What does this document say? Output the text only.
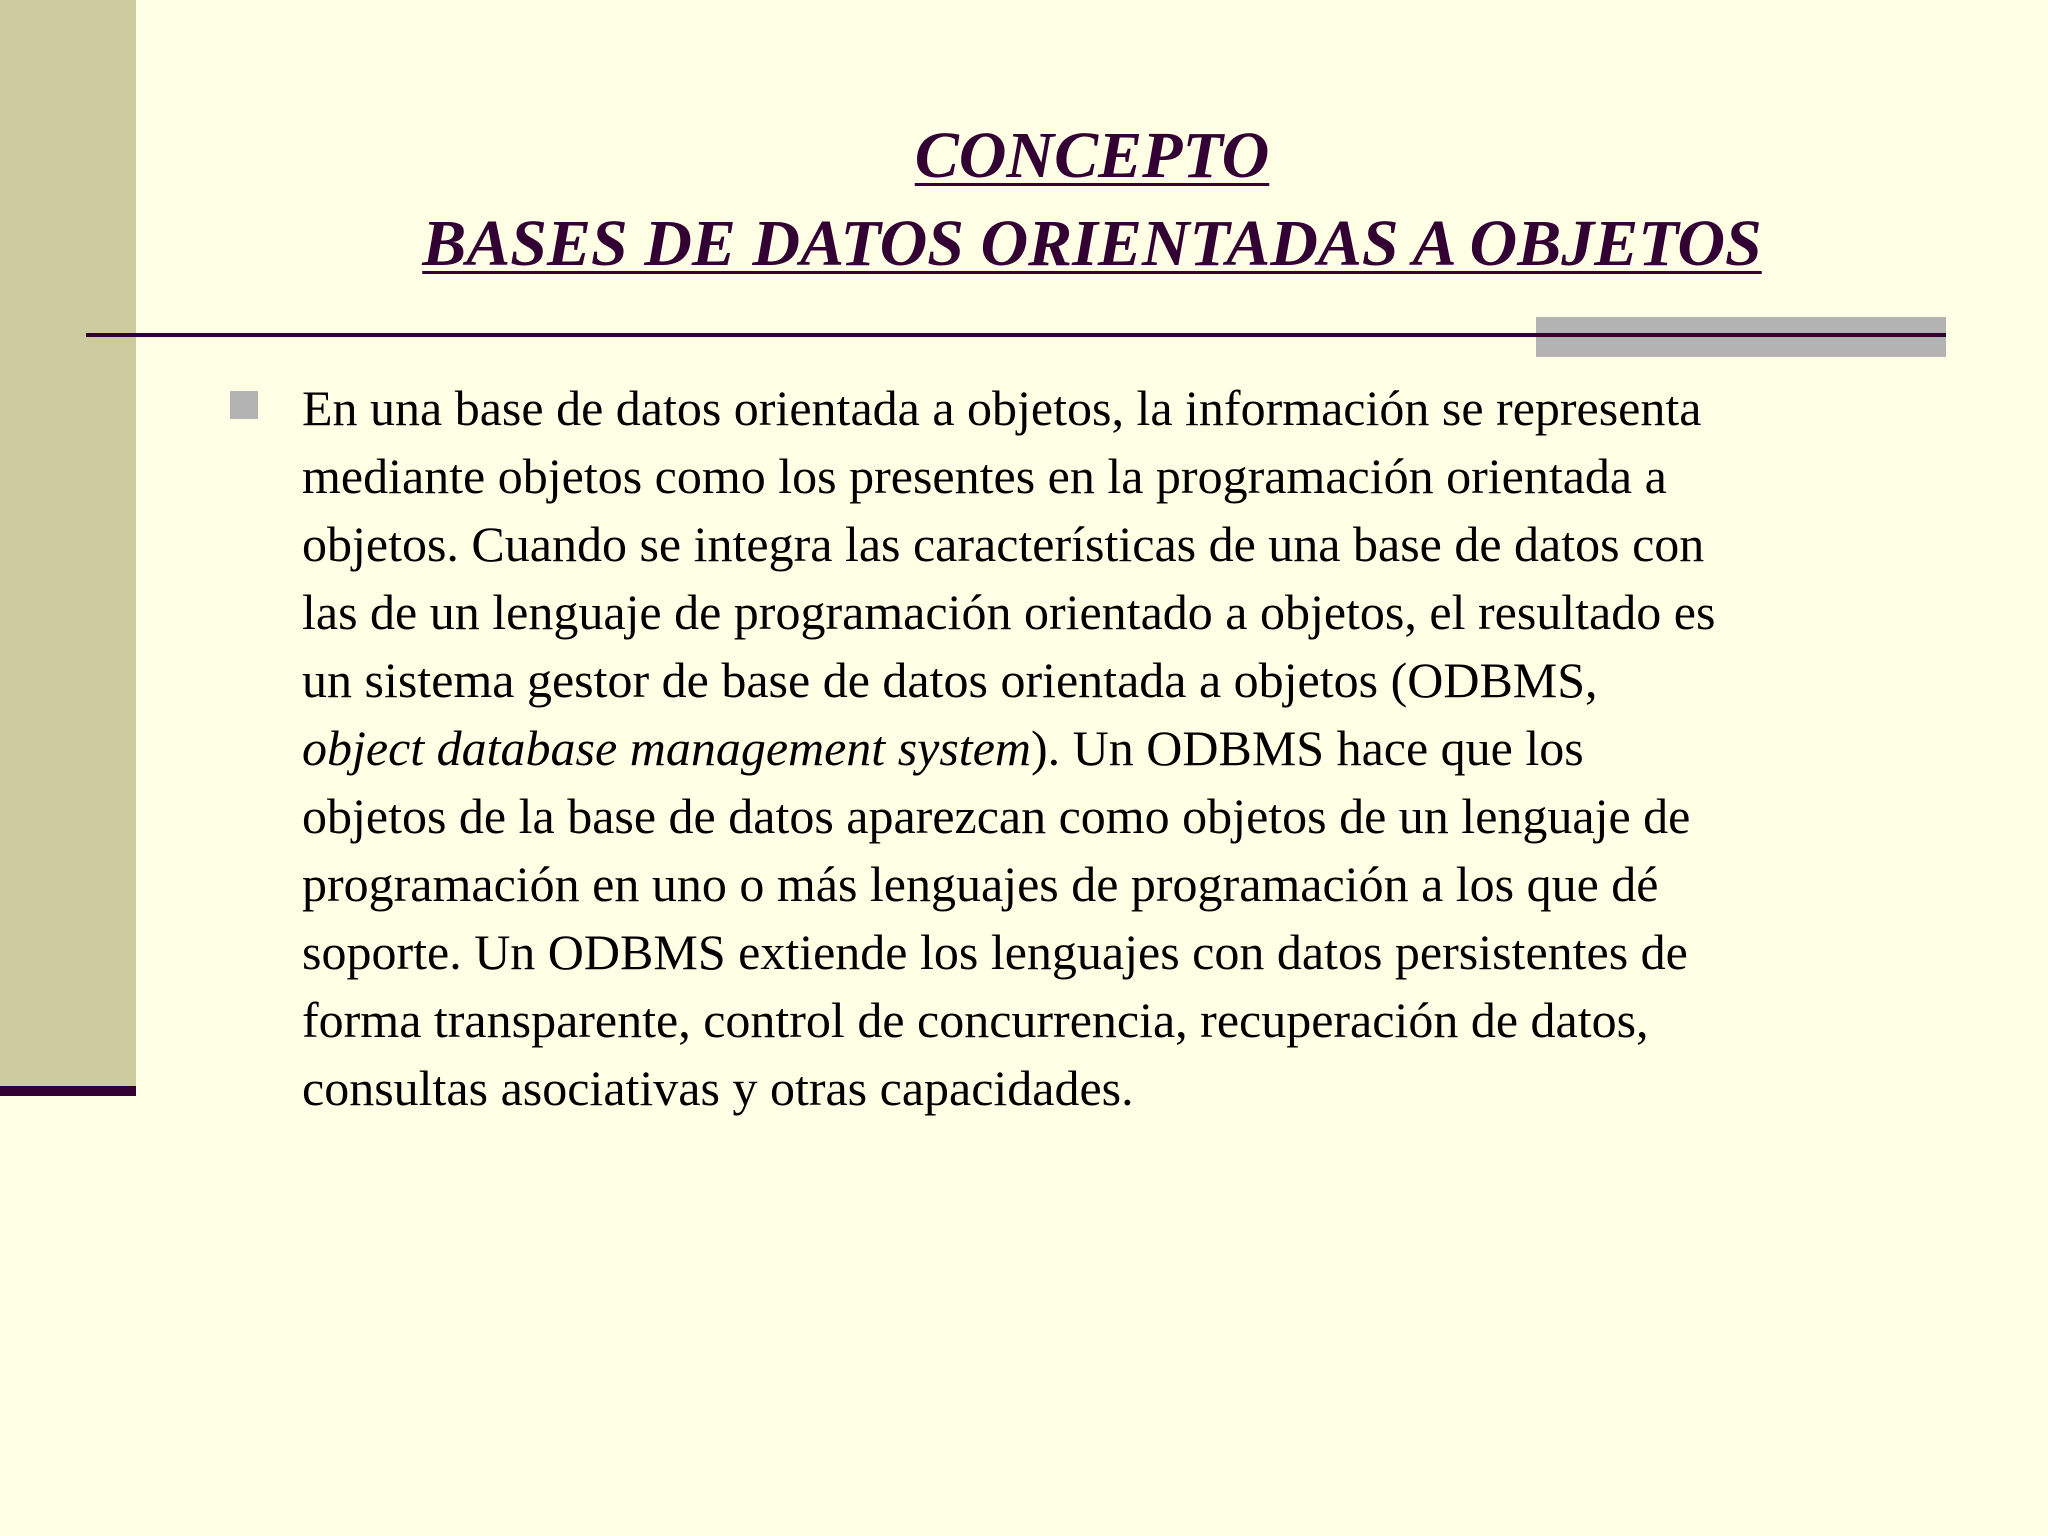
CONCEPTO
BASES DE DATOS ORIENTADAS A OBJETOS
En una base de datos orientada a objetos, la información se representa
mediante objetos como los presentes en la programación orientada a
objetos. Cuando se integra las características de una base de datos con
las de un lenguaje de programación orientado a objetos, el resultado es
un sistema gestor de base de datos orientada a objetos (ODBMS,
object database management system). Un ODBMS hace que los
objetos de la base de datos aparezcan como objetos de un lenguaje de
programación en uno o más lenguajes de programación a los que dé
soporte. Un ODBMS extiende los lenguajes con datos persistentes de
forma transparente, control de concurrencia, recuperación de datos,
consultas asociativas y otras capacidades.
